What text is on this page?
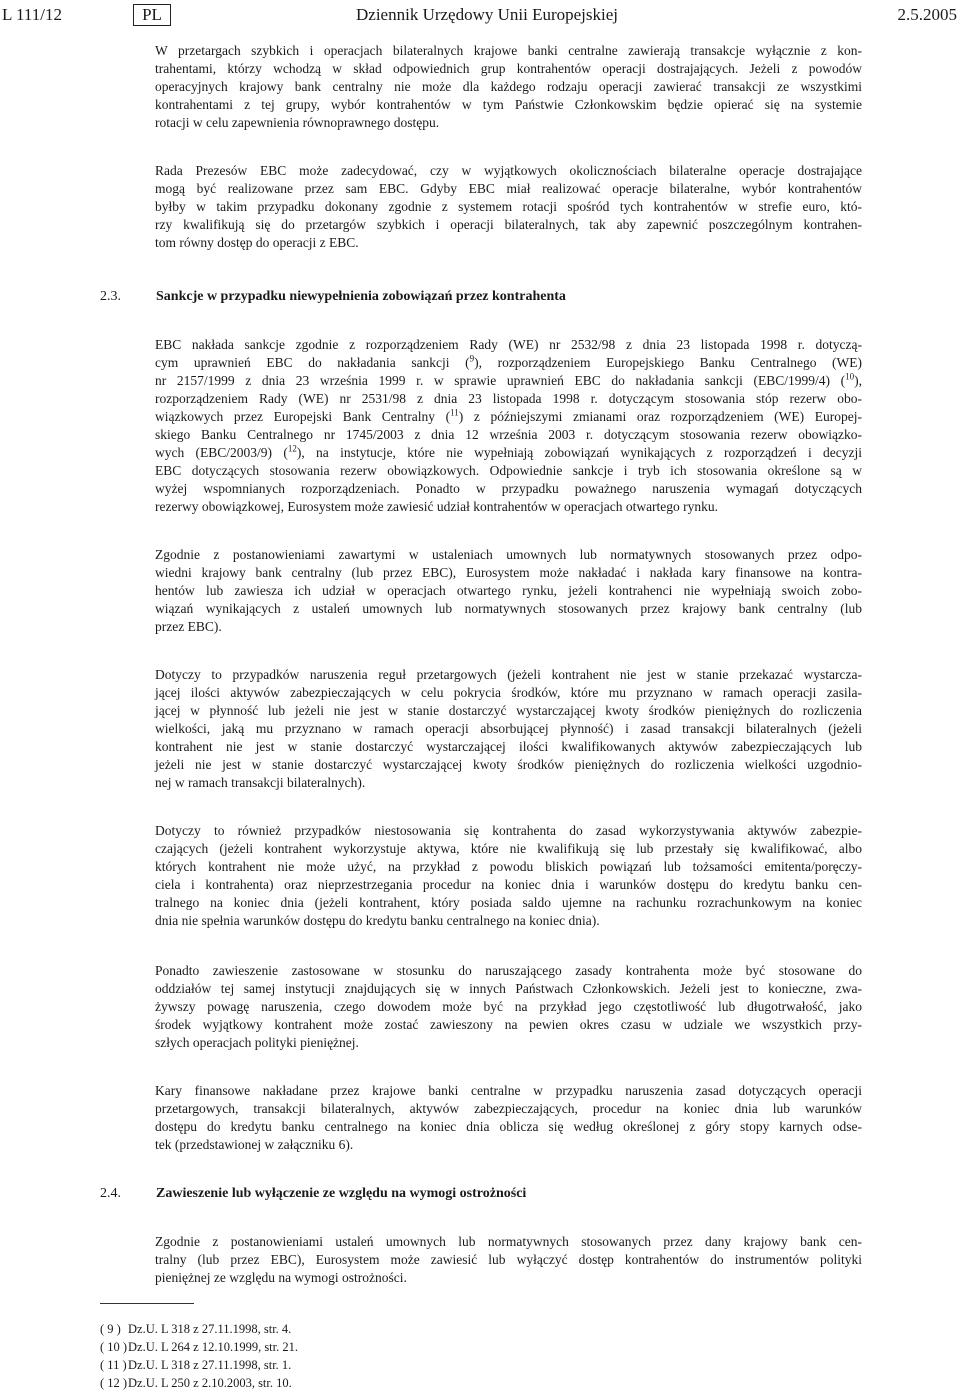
L 111/12	PL	Dziennik Urzędowy Unii Europejskiej	2.5.2005
W przetargach szybkich i operacjach bilateralnych krajowe banki centralne zawierają transakcje wyłącznie z kon-
trahentami, którzy wchodzą w skład odpowiednich grup kontrahentów operacji dostrajających. Jeżeli z powodów
operacyjnych krajowy bank centralny nie może dla każdego rodzaju operacji zawierać transakcji ze wszystkimi
kontrahentami z tej grupy, wybór kontrahentów w tym Państwie Członkowskim będzie opierać się na systemie
rotacji w celu zapewnienia równoprawnego dostępu.
Rada Prezesów EBC może zadecydować, czy w wyjątkowych okolicznościach bilateralne operacje dostrajające
mogą być realizowane przez sam EBC. Gdyby EBC miał realizować operacje bilateralne, wybór kontrahentów
byłby w takim przypadku dokonany zgodnie z systemem rotacji spośród tych kontrahentów w strefie euro, któ-
rzy kwalifikują się do przetargów szybkich i operacji bilateralnych, tak aby zapewnić poszczególnym kontrahen-
tom równy dostęp do operacji z EBC.
2.3.	Sankcje w przypadku niewypełnienia zobowiązań przez kontrahenta
EBC nakłada sankcje zgodnie z rozporządzeniem Rady (WE) nr 2532/98 z dnia 23 listopada 1998 r. dotyczą-
cym uprawnień EBC do nakładania sankcji ($^9$), rozporządzeniem Europejskiego Banku Centralnego (WE)
nr 2157/1999 z dnia 23 września 1999 r. w sprawie uprawnień EBC do nakładania sankcji (EBC/1999/4) ($^{10}$),
rozporządzeniem Rady (WE) nr 2531/98 z dnia 23 listopada 1998 r. dotyczącym stosowania stóp rezerw obo-
wiązkowych przez Europejski Bank Centralny ($^{11}$) z późniejszymi zmianami oraz rozporządzeniem (WE) Europej-
skiego Banku Centralnego nr 1745/2003 z dnia 12 września 2003 r. dotyczącym stosowania rezerw obowiązko-
wych (EBC/2003/9) ($^{12}$), na instytucje, które nie wypełniają zobowiązań wynikających z rozporządzeń i decyzji
EBC dotyczących stosowania rezerw obowiązkowych. Odpowiednie sankcje i tryb ich stosowania określone są w
wyżej wspomnianych rozporządzeniach. Ponadto w przypadku poważnego naruszenia wymagań dotyczących
rezerwy obowiązkowej, Eurosystem może zawiesić udział kontrahentów w operacjach otwartego rynku.
Zgodnie z postanowieniami zawartymi w ustaleniach umownych lub normatywnych stosowanych przez odpo-
wiedni krajowy bank centralny (lub przez EBC), Eurosystem może nakładać i nakłada kary finansowe na kontra-
hentów lub zawiesza ich udział w operacjach otwartego rynku, jeżeli kontrahenci nie wypełniają swoich zobo-
wiązań wynikających z ustaleń umownych lub normatywnych stosowanych przez krajowy bank centralny (lub
przez EBC).
Dotyczy to przypadków naruszenia reguł przetargowych (jeżeli kontrahent nie jest w stanie przekazać wystarcza-
jącej ilości aktywów zabezpieczających w celu pokrycia środków, które mu przyznano w ramach operacji zasila-
jącej w płynność lub jeżeli nie jest w stanie dostarczyć wystarczającej kwoty środków pieniężnych do rozliczenia
wielkości, jaką mu przyznano w ramach operacji absorbującej płynność) i zasad transakcji bilateralnych (jeżeli
kontrahent nie jest w stanie dostarczyć wystarczającej ilości kwalifikowanych aktywów zabezpieczających lub
jeżeli nie jest w stanie dostarczyć wystarczającej kwoty środków pieniężnych do rozliczenia wielkości uzgodnio-
nej w ramach transakcji bilateralnych).
Dotyczy to również przypadków niestosowania się kontrahenta do zasad wykorzystywania aktywów zabezpie-
czających (jeżeli kontrahent wykorzystuje aktywa, które nie kwalifikują się lub przestały się kwalifikować, albo
których kontrahent nie może użyć, na przykład z powodu bliskich powiązań lub tożsamości emitenta/poręczy-
ciela i kontrahenta) oraz nieprzestrzegania procedur na koniec dnia i warunków dostępu do kredytu banku cen-
tralnego na koniec dnia (jeżeli kontrahent, który posiada saldo ujemne na rachunku rozrachunkowym na koniec
dnia nie spełnia warunków dostępu do kredytu banku centralnego na koniec dnia).
Ponadto zawieszenie zastosowane w stosunku do naruszającego zasady kontrahenta może być stosowane do
oddziałów tej samej instytucji znajdujących się w innych Państwach Członkowskich. Jeżeli jest to konieczne, zwa-
żywszy powagę naruszenia, czego dowodem może być na przykład jego częstotliwość lub długotrwałość, jako
środek wyjątkowy kontrahent może zostać zawieszony na pewien okres czasu w udziale we wszystkich przy-
szłych operacjach polityki pieniężnej.
Kary finansowe nakładane przez krajowe banki centralne w przypadku naruszenia zasad dotyczących operacji
przetargowych, transakcji bilateralnych, aktywów zabezpieczających, procedur na koniec dnia lub warunków
dostępu do kredytu banku centralnego na koniec dnia oblicza się według określonej z góry stopy karnych odse-
tek (przedstawionej w załączniku 6).
2.4.	Zawieszenie lub wyłączenie ze względu na wymogi ostrożności
Zgodnie z postanowieniami ustaleń umownych lub normatywnych stosowanych przez dany krajowy bank cen-
tralny (lub przez EBC), Eurosystem może zawiesić lub wyłączyć dostęp kontrahentów do instrumentów polityki
pieniężnej ze względu na wymogi ostrożności.
( 9 ) Dz.U. L 318 z 27.11.1998, str. 4.
( 10 ) Dz.U. L 264 z 12.10.1999, str. 21.
( 11 ) Dz.U. L 318 z 27.11.1998, str. 1.
( 12 ) Dz.U. L 250 z 2.10.2003, str. 10.
